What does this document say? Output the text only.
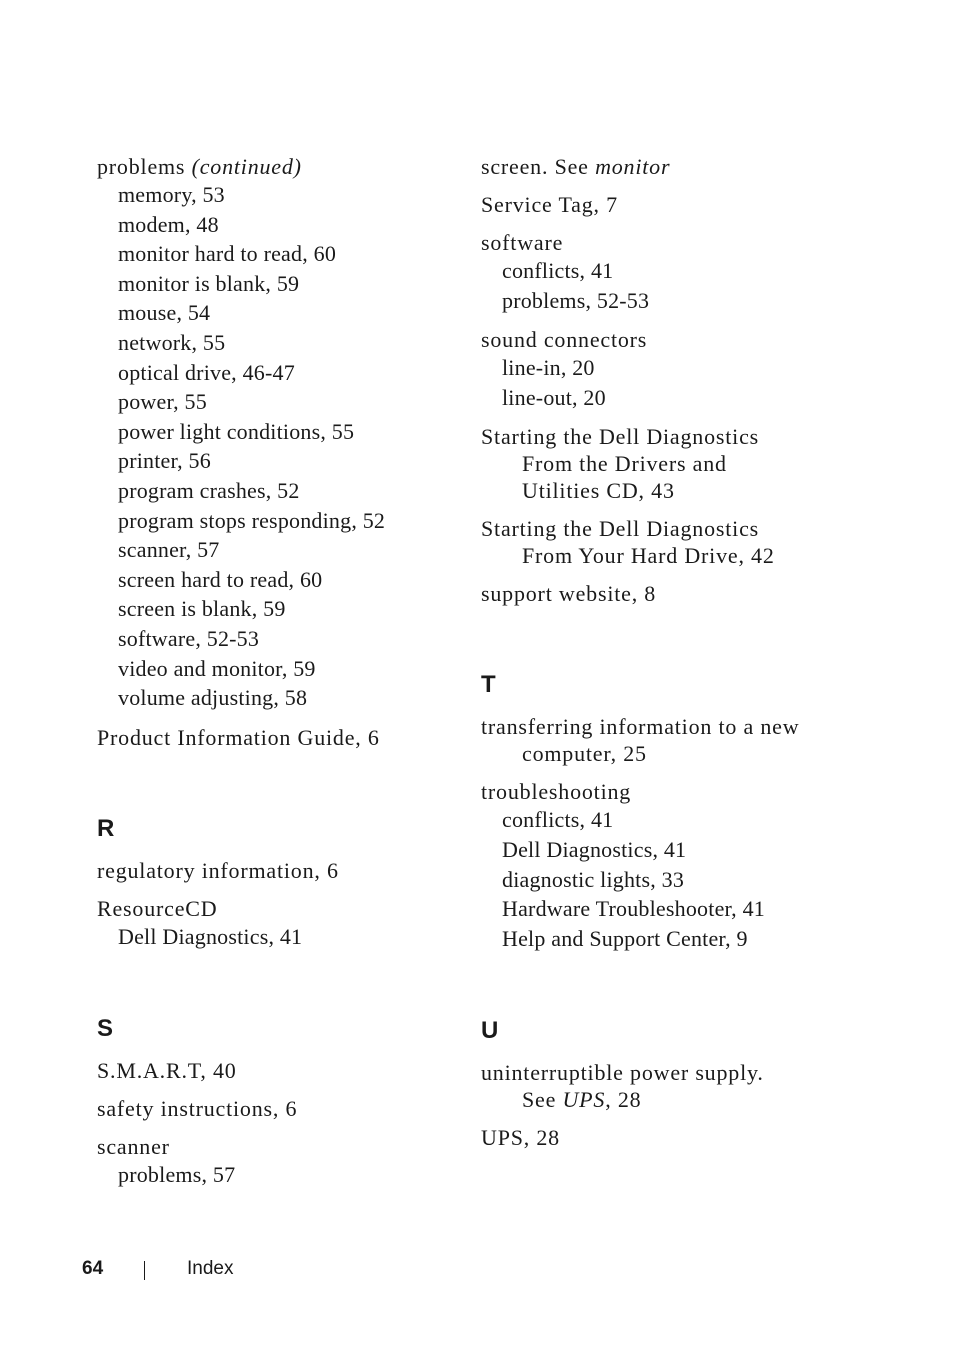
problems (continued)
memory, 53
modem, 48
monitor hard to read, 60
monitor is blank, 59
mouse, 54
network, 55
optical drive, 46-47
power, 55
power light conditions, 55
printer, 56
program crashes, 52
program stops responding, 52
scanner, 57
screen hard to read, 60
screen is blank, 59
software, 52-53
video and monitor, 59
volume adjusting, 58
Product Information Guide, 6
R
regulatory information, 6
ResourceCD
Dell Diagnostics, 41
S
S.M.A.R.T, 40
safety instructions, 6
scanner
problems, 57
screen. See monitor
Service Tag, 7
software
conflicts, 41
problems, 52-53
sound connectors
line-in, 20
line-out, 20
Starting the Dell Diagnostics
From the Drivers and
Utilities CD, 43
Starting the Dell Diagnostics
From Your Hard Drive, 42
support website, 8
T
transferring information to a new
computer, 25
troubleshooting
conflicts, 41
Dell Diagnostics, 41
diagnostic lights, 33
Hardware Troubleshooter, 41
Help and Support Center, 9
U
uninterruptible power supply.
See UPS, 28
UPS, 28
64	Index
